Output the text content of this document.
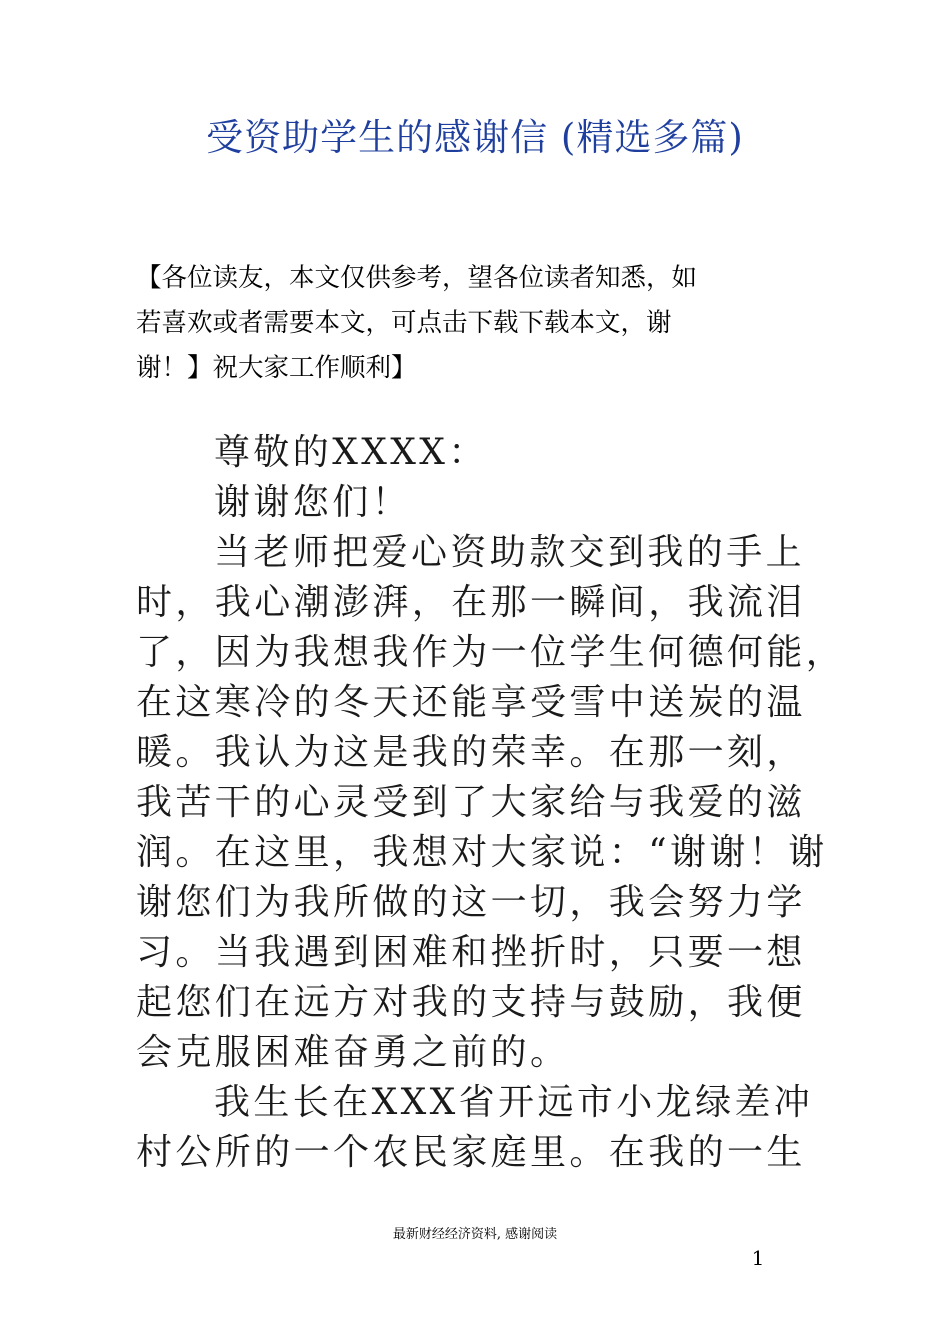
受资助学生的感谢信 (精选多篇)
【各位读友，本文仅供参考，望各位读者知悉，如
若喜欢或者需要本文，可点击下载下载本文，谢
谢！】祝大家工作顺利】
尊敬的XXXX：
谢谢您们！
当老师把爱心资助款交到我的手上
时，我心潮澎湃，在那一瞬间，我流泪
了，因为我想我作为一位学生何德何能，
在这寒冷的冬天还能享受雪中送炭的温
暖。我认为这是我的荣幸。在那一刻，
我苦干的心灵受到了大家给与我爱的滋
润。在这里，我想对大家说：“谢谢！谢
谢您们为我所做的这一切，我会努力学
习。当我遇到困难和挫折时，只要一想
起您们在远方对我的支持与鼓励，我便
会克服困难奋勇之前的。
我生长在XXX省开远市小龙绿差冲
村公所的一个农民家庭里。在我的一生

最新财经经济资料, 感谢阅读

1
